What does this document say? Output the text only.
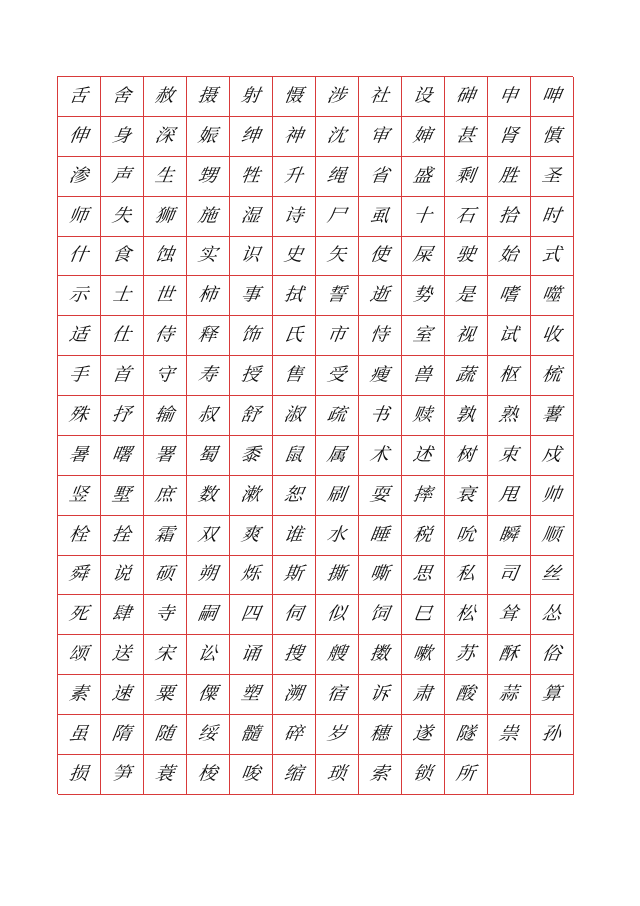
舌 舍 赦 摄 射 慑 涉 社 设 砷 申 呻
伸 身 深 娠 绅 神 沈 审 婶 甚 肾 慎
渗 声 生 甥 牲 升 绳 省 盛 剩 胜 圣
师 失 狮 施 湿 诗 尸 虱 十 石 拾 时
什 食 蚀 实 识 史 矢 使 屎 驶 始 式
示 士 世 柿 事 拭 誓 逝 势 是 嗜 噬
适 仕 侍 释 饰 氏 市 恃 室 视 试 收
手 首 守 寿 授 售 受 瘦 兽 蔬 枢 梳
殊 抒 输 叔 舒 淑 疏 书 赎 孰 熟 薯
暑 曙 署 蜀 黍 鼠 属 术 述 树 束 戍
竖 墅 庶 数 漱 恕 刷 耍 摔 衰 甩 帅
栓 拴 霜 双 爽 谁 水 睡 税 吮 瞬 顺
舜 说 硕 朔 烁 斯 撕 嘶 思 私 司 丝
死 肆 寺 嗣 四 伺 似 饲 巳 松 耸 怂
颂 送 宋 讼 诵 搜 艘 擞 嗽 苏 酥 俗
素 速 粟 僳 塑 溯 宿 诉 肃 酸 蒜 算
虽 隋 随 绥 髓 碎 岁 穗 遂 隧 祟 孙
损 笋 蓑 梭 唆 缩 琐 索 锁 所
